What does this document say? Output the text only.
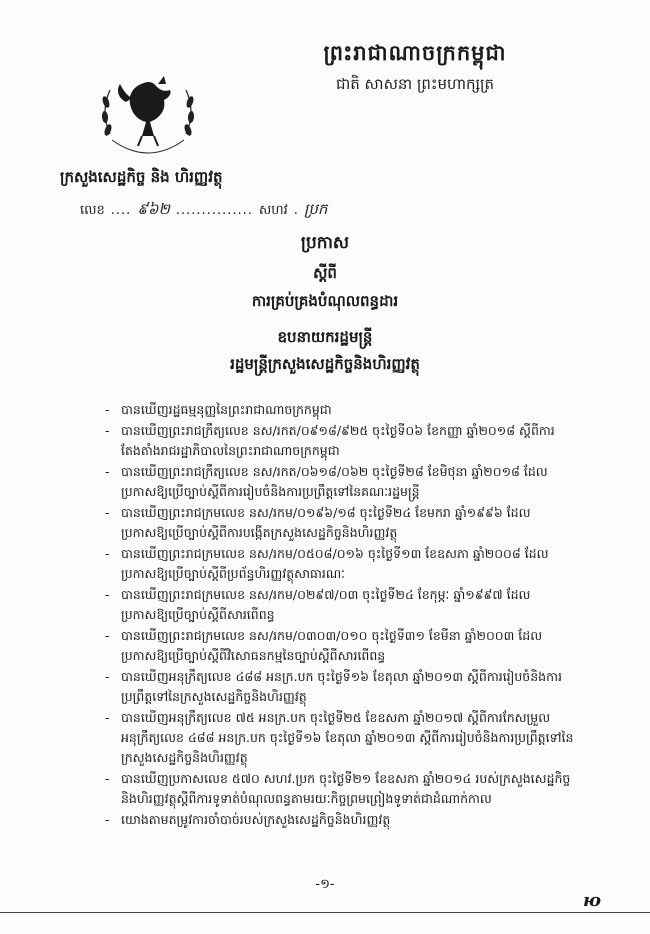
ព្រះរាជាណាចក្រកម្ពុជា
ជាតិ សាសនា ព្រះមហាក្សត្រ
ក្រសួងសេដ្ឋកិច្ច និង ហិរញ្ញវត្ថុ
លេខ .... ៩៦២ ............... សហវ . ប្រក
ប្រកាស
ស្តីពី
ការគ្រប់គ្រងបំណុលពន្ធដារ
ឧបនាយករដ្ឋមន្ត្រី
រដ្ឋមន្ត្រីក្រសួងសេដ្ឋកិច្ចនិងហិរញ្ញវត្ថុ
- បានឃើញរដ្ឋធម្មនុញ្ញនៃព្រះរាជាណាចក្រកម្ពុជា
- បានឃើញព្រះរាជក្រឹត្យលេខ នស/រកត/០៩១៨/៩២៥ ចុះថ្ងៃទី០៦ ខែកញ្ញា ឆ្នាំ២០១៨ ស្តីពីការតែងតាំងរាជរដ្ឋាភិបាលនៃព្រះរាជាណាចក្រកម្ពុជា
- បានឃើញព្រះរាជក្រឹត្យលេខ នស/រកត/០៦១៨/០៦២ ចុះថ្ងៃទី២៨ ខែមិថុនា ឆ្នាំ២០១៨ ដែលប្រកាសឱ្យប្រើច្បាប់ស្តីពីការរៀបចំនិងការប្រព្រឹត្តទៅនៃគណៈរដ្ឋមន្ត្រី
- បានឃើញព្រះរាជក្រមលេខ នស/រកម/០១៩៦/១៨ ចុះថ្ងៃទី២៤ ខែមករា ឆ្នាំ១៩៩៦ ដែលប្រកាសឱ្យប្រើច្បាប់ស្តីពីការបង្កើតក្រសួងសេដ្ឋកិច្ចនិងហិរញ្ញវត្ថុ
- បានឃើញព្រះរាជក្រមលេខ នស/រកម/០៥០៨/០១៦ ចុះថ្ងៃទី១៣ ខែឧសភា ឆ្នាំ២០០៨ ដែលប្រកាសឱ្យប្រើច្បាប់ស្តីពីប្រព័ន្ធហិរញ្ញវត្ថុសាធារណៈ
- បានឃើញព្រះរាជក្រមលេខ នស/រកម/០២៩៧/០៣ ចុះថ្ងៃទី២៤ ខែកុម្ភៈ ឆ្នាំ១៩៩៧ ដែលប្រកាសឱ្យប្រើច្បាប់ស្តីពីសារពើពន្ធ
- បានឃើញព្រះរាជក្រមលេខ នស/រកម/០៣០៣/០១០ ចុះថ្ងៃទី៣១ ខែមីនា ឆ្នាំ២០០៣ ដែលប្រកាសឱ្យប្រើច្បាប់ស្តីពីវិសោធនកម្មនៃច្បាប់ស្តីពីសារពើពន្ធ
- បានឃើញអនុក្រឹត្យលេខ ៤៨៨ អនក្រ.បក ចុះថ្ងៃទី១៦ ខែតុលា ឆ្នាំ២០១៣ ស្តីពីការរៀបចំនិងការប្រព្រឹត្តទៅនៃក្រសួងសេដ្ឋកិច្ចនិងហិរញ្ញវត្ថុ
- បានឃើញអនុក្រឹត្យលេខ ៧៥ អនក្រ.បក ចុះថ្ងៃទី២៥ ខែឧសភា ឆ្នាំ២០១៧ ស្តីពីការកែសម្រួលអនុក្រឹត្យលេខ ៤៨៨ អនក្រ.បក ចុះថ្ងៃទី១៦ ខែតុលា ឆ្នាំ២០១៣ ស្តីពីការរៀបចំនិងការប្រព្រឹត្តទៅនៃក្រសួងសេដ្ឋកិច្ចនិងហិរញ្ញវត្ថុ
- បានឃើញប្រកាសលេខ ៥៧០ សហវ.ប្រក ចុះថ្ងៃទី២១ ខែឧសភា ឆ្នាំ២០១៤ របស់ក្រសួងសេដ្ឋកិច្ចនិងហិរញ្ញវត្ថុស្តីពីការទូទាត់បំណុលពន្ធតាមរយៈកិច្ចព្រមព្រៀងទូទាត់ជាដំណាក់កាល
- យោងតាមតម្រូវការចាំបាច់របស់ក្រសួងសេដ្ឋកិច្ចនិងហិរញ្ញវត្ថុ
-១-
ю
